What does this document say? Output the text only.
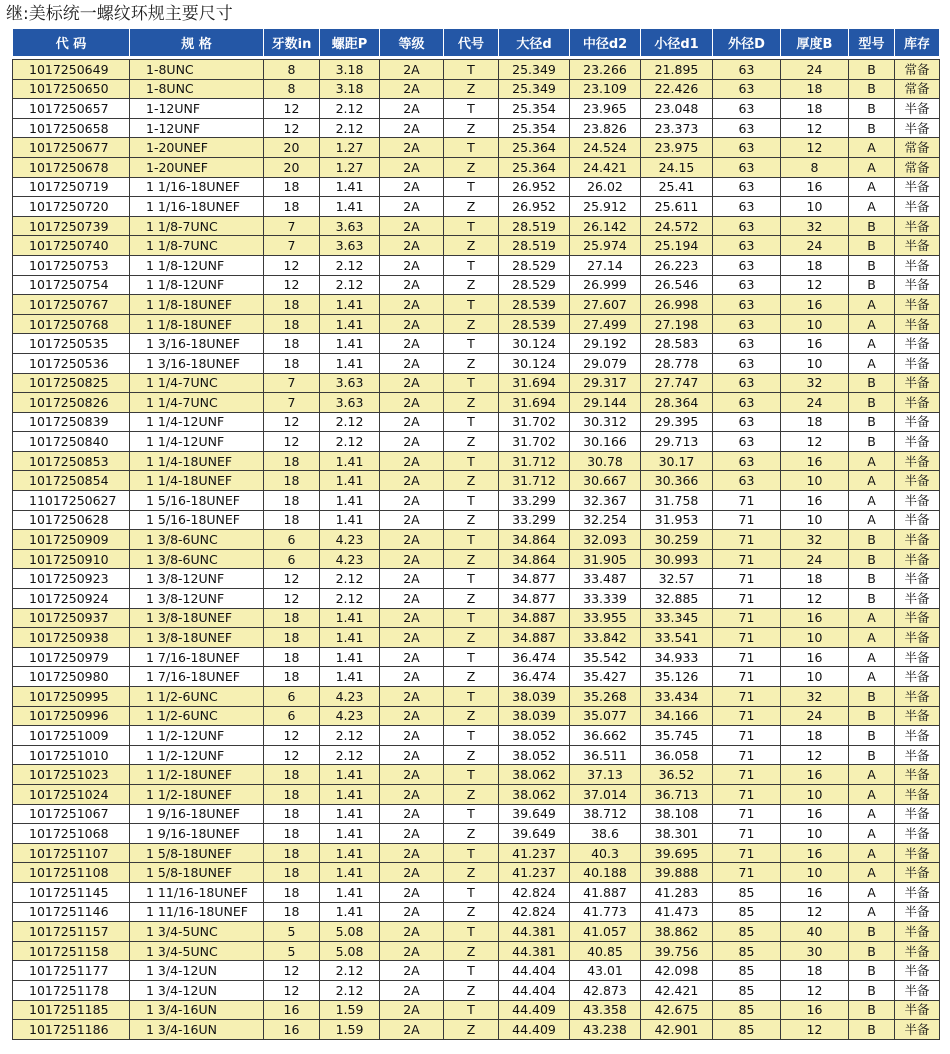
继:美标统一螺纹环规主要尺寸
代 码	规 格	牙数in	螺距P	等级	代号	大径d	中径d2	小径d1	外径D	厚度B	型号	库存

1017250649	1-8UNC	8	3.18	2A	T	25.349	23.266	21.895	63	24	B	常备
1017250650	1-8UNC	8	3.18	2A	Z	25.349	23.109	22.426	63	18	B	常备
1017250657	1-12UNF	12	2.12	2A	T	25.354	23.965	23.048	63	18	B	半备
1017250658	1-12UNF	12	2.12	2A	Z	25.354	23.826	23.373	63	12	B	半备
1017250677	1-20UNEF	20	1.27	2A	T	25.364	24.524	23.975	63	12	A	常备
1017250678	1-20UNEF	20	1.27	2A	Z	25.364	24.421	24.15	63	8	A	常备
1017250719	1 1/16-18UNEF	18	1.41	2A	T	26.952	26.02	25.41	63	16	A	半备
1017250720	1 1/16-18UNEF	18	1.41	2A	Z	26.952	25.912	25.611	63	10	A	半备
1017250739	1 1/8-7UNC	7	3.63	2A	T	28.519	26.142	24.572	63	32	B	半备
1017250740	1 1/8-7UNC	7	3.63	2A	Z	28.519	25.974	25.194	63	24	B	半备
1017250753	1 1/8-12UNF	12	2.12	2A	T	28.529	27.14	26.223	63	18	B	半备
1017250754	1 1/8-12UNF	12	2.12	2A	Z	28.529	26.999	26.546	63	12	B	半备
1017250767	1 1/8-18UNEF	18	1.41	2A	T	28.539	27.607	26.998	63	16	A	半备
1017250768	1 1/8-18UNEF	18	1.41	2A	Z	28.539	27.499	27.198	63	10	A	半备
1017250535	1 3/16-18UNEF	18	1.41	2A	T	30.124	29.192	28.583	63	16	A	半备
1017250536	1 3/16-18UNEF	18	1.41	2A	Z	30.124	29.079	28.778	63	10	A	半备
1017250825	1 1/4-7UNC	7	3.63	2A	T	31.694	29.317	27.747	63	32	B	半备
1017250826	1 1/4-7UNC	7	3.63	2A	Z	31.694	29.144	28.364	63	24	B	半备
1017250839	1 1/4-12UNF	12	2.12	2A	T	31.702	30.312	29.395	63	18	B	半备
1017250840	1 1/4-12UNF	12	2.12	2A	Z	31.702	30.166	29.713	63	12	B	半备
1017250853	1 1/4-18UNEF	18	1.41	2A	T	31.712	30.78	30.17	63	16	A	半备
1017250854	1 1/4-18UNEF	18	1.41	2A	Z	31.712	30.667	30.366	63	10	A	半备
11017250627	1 5/16-18UNEF	18	1.41	2A	T	33.299	32.367	31.758	71	16	A	半备
1017250628	1 5/16-18UNEF	18	1.41	2A	Z	33.299	32.254	31.953	71	10	A	半备
1017250909	1 3/8-6UNC	6	4.23	2A	T	34.864	32.093	30.259	71	32	B	半备
1017250910	1 3/8-6UNC	6	4.23	2A	Z	34.864	31.905	30.993	71	24	B	半备
1017250923	1 3/8-12UNF	12	2.12	2A	T	34.877	33.487	32.57	71	18	B	半备
1017250924	1 3/8-12UNF	12	2.12	2A	Z	34.877	33.339	32.885	71	12	B	半备
1017250937	1 3/8-18UNEF	18	1.41	2A	T	34.887	33.955	33.345	71	16	A	半备
1017250938	1 3/8-18UNEF	18	1.41	2A	Z	34.887	33.842	33.541	71	10	A	半备
1017250979	1 7/16-18UNEF	18	1.41	2A	T	36.474	35.542	34.933	71	16	A	半备
1017250980	1 7/16-18UNEF	18	1.41	2A	Z	36.474	35.427	35.126	71	10	A	半备
1017250995	1 1/2-6UNC	6	4.23	2A	T	38.039	35.268	33.434	71	32	B	半备
1017250996	1 1/2-6UNC	6	4.23	2A	Z	38.039	35.077	34.166	71	24	B	半备
1017251009	1 1/2-12UNF	12	2.12	2A	T	38.052	36.662	35.745	71	18	B	半备
1017251010	1 1/2-12UNF	12	2.12	2A	Z	38.052	36.511	36.058	71	12	B	半备
1017251023	1 1/2-18UNEF	18	1.41	2A	T	38.062	37.13	36.52	71	16	A	半备
1017251024	1 1/2-18UNEF	18	1.41	2A	Z	38.062	37.014	36.713	71	10	A	半备
1017251067	1 9/16-18UNEF	18	1.41	2A	T	39.649	38.712	38.108	71	16	A	半备
1017251068	1 9/16-18UNEF	18	1.41	2A	Z	39.649	38.6	38.301	71	10	A	半备
1017251107	1 5/8-18UNEF	18	1.41	2A	T	41.237	40.3	39.695	71	16	A	半备
1017251108	1 5/8-18UNEF	18	1.41	2A	Z	41.237	40.188	39.888	71	10	A	半备
1017251145	1 11/16-18UNEF	18	1.41	2A	T	42.824	41.887	41.283	85	16	A	半备
1017251146	1 11/16-18UNEF	18	1.41	2A	Z	42.824	41.773	41.473	85	12	A	半备
1017251157	1 3/4-5UNC	5	5.08	2A	T	44.381	41.057	38.862	85	40	B	半备
1017251158	1 3/4-5UNC	5	5.08	2A	Z	44.381	40.85	39.756	85	30	B	半备
1017251177	1 3/4-12UN	12	2.12	2A	T	44.404	43.01	42.098	85	18	B	半备
1017251178	1 3/4-12UN	12	2.12	2A	Z	44.404	42.873	42.421	85	12	B	半备
1017251185	1 3/4-16UN	16	1.59	2A	T	44.409	43.358	42.675	85	16	B	半备
1017251186	1 3/4-16UN	16	1.59	2A	Z	44.409	43.238	42.901	85	12	B	半备
